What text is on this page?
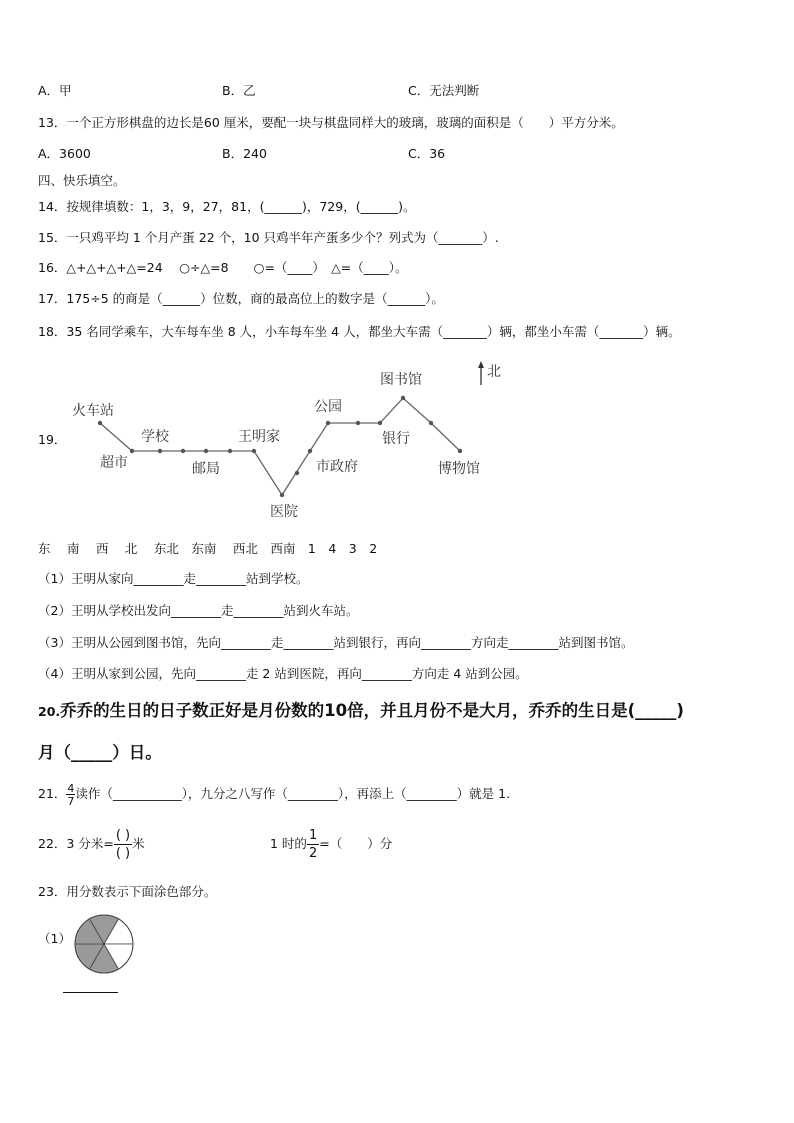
A．甲	B．乙	C．无法判断
13．一个正方形棋盘的边长是60 厘米，要配一块与棋盘同样大的玻璃，玻璃的面积是（　　）平方分米。
A．3600	B．240	C．36
四、快乐填空。
14．按规律填数：1，3，9，27，81，(______)，729，(______)。
15．一只鸡平均 1 个月产蛋 22 个，10 只鸡半年产蛋多少个？列式为（_______）.
16．△+△+△+△=24　 ○÷△=8　　○=（____）　△=（____）。
17．175÷5 的商是（______）位数，商的最高位上的数字是（______）。
18．35 名同学乘车，大车每车坐 8 人，小车每车坐 4 人，都坐大车需（_______）辆，都坐小车需（_______）辆。
19．
火车站
超市
学校
邮局
王明家
医院
市政府
公园
图书馆
银行
博物馆
北
东　 南　 西　 北　 东北　东南　 西北　西南　1　4　3　2
（1）王明从家向________走________站到学校。
（2）王明从学校出发向________走________站到火车站。
（3）王明从公园到图书馆，先向________走________站到银行，再向________方向走________站到图书馆。
（4）王明从家到公园，先向________走 2 站到医院，再向________方向走 4 站到公园。
20.乔乔的生日的日子数正好是月份数的10倍，并且月份不是大月，乔乔的生日是(_____)
月（_____）日。
21． $\frac{4}{7}$ 读作（___________），九分之八写作（________），再添上（________）就是 1.
22．3 分米= $\frac{( )}{( )}$ 米	1 时的 $\frac{1}{2}$ =（　　）分
23．用分数表示下面涂色部分。
（1）
